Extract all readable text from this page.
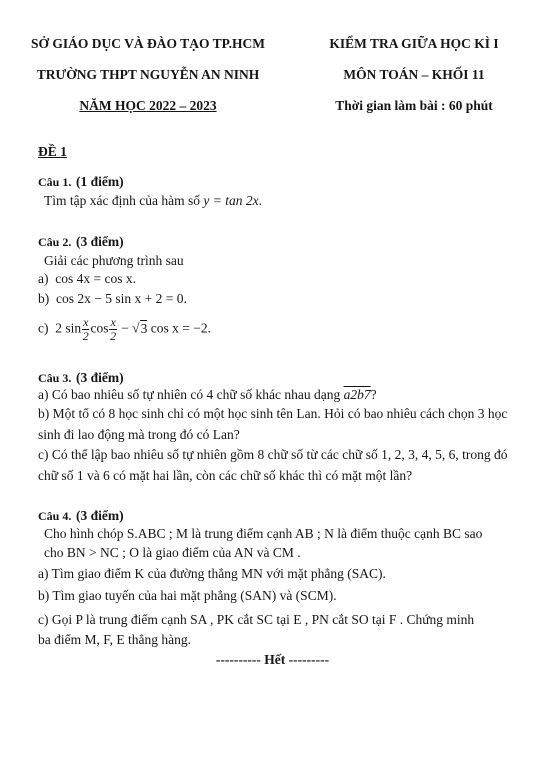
SỞ GIÁO DỤC VÀ ĐÀO TẠO TP.HCM
TRƯỜNG THPT NGUYỄN AN NINH
NĂM HỌC 2022 – 2023
KIỂM TRA GIỮA HỌC KÌ I
MÔN TOÁN – KHỐI 11
Thời gian làm bài : 60 phút
ĐỀ 1
Câu 1. (1 điểm)
Tìm tập xác định của hàm số y = tan 2x.
Câu 2. (3 điểm)
Giải các phương trình sau
a) cos 4x = cos x.
b) cos 2x − 5 sin x + 2 = 0.
c) 2 $\sin \frac{x}{2}$ $\cos \frac{x}{2} - √3$ cos x = −2.
Câu 3. (3 điểm)
a) Có bao nhiêu số tự nhiên có 4 chữ số khác nhau dạng a2b7?
b) Một tổ có 8 học sinh chỉ có một học sinh tên Lan. Hỏi có bao nhiêu cách chọn 3 học
sinh đi lao động mà trong đó có Lan?
c) Có thể lập bao nhiêu số tự nhiên gồm 8 chữ số từ các chữ số 1, 2, 3, 4, 5, 6, trong đó
chữ số 1 và 6 có mặt hai lần, còn các chữ số khác thì có mặt một lần?
Câu 4. (3 điểm)
Cho hình chóp S.ABC ; M là trung điểm cạnh AB ; N là điểm thuộc cạnh BC sao
cho BN > NC ; O là giao điểm của AN và CM .
a) Tìm giao điểm K của đường thẳng MN với mặt phẳng (SAC).
b) Tìm giao tuyến của hai mặt phẳng (SAN) và (SCM).
c) Gọi P là trung điểm cạnh SA , PK cắt SC tại E , PN cắt SO tại F . Chứng minh
ba điểm M, F, E thẳng hàng.
---------- Hết ---------
